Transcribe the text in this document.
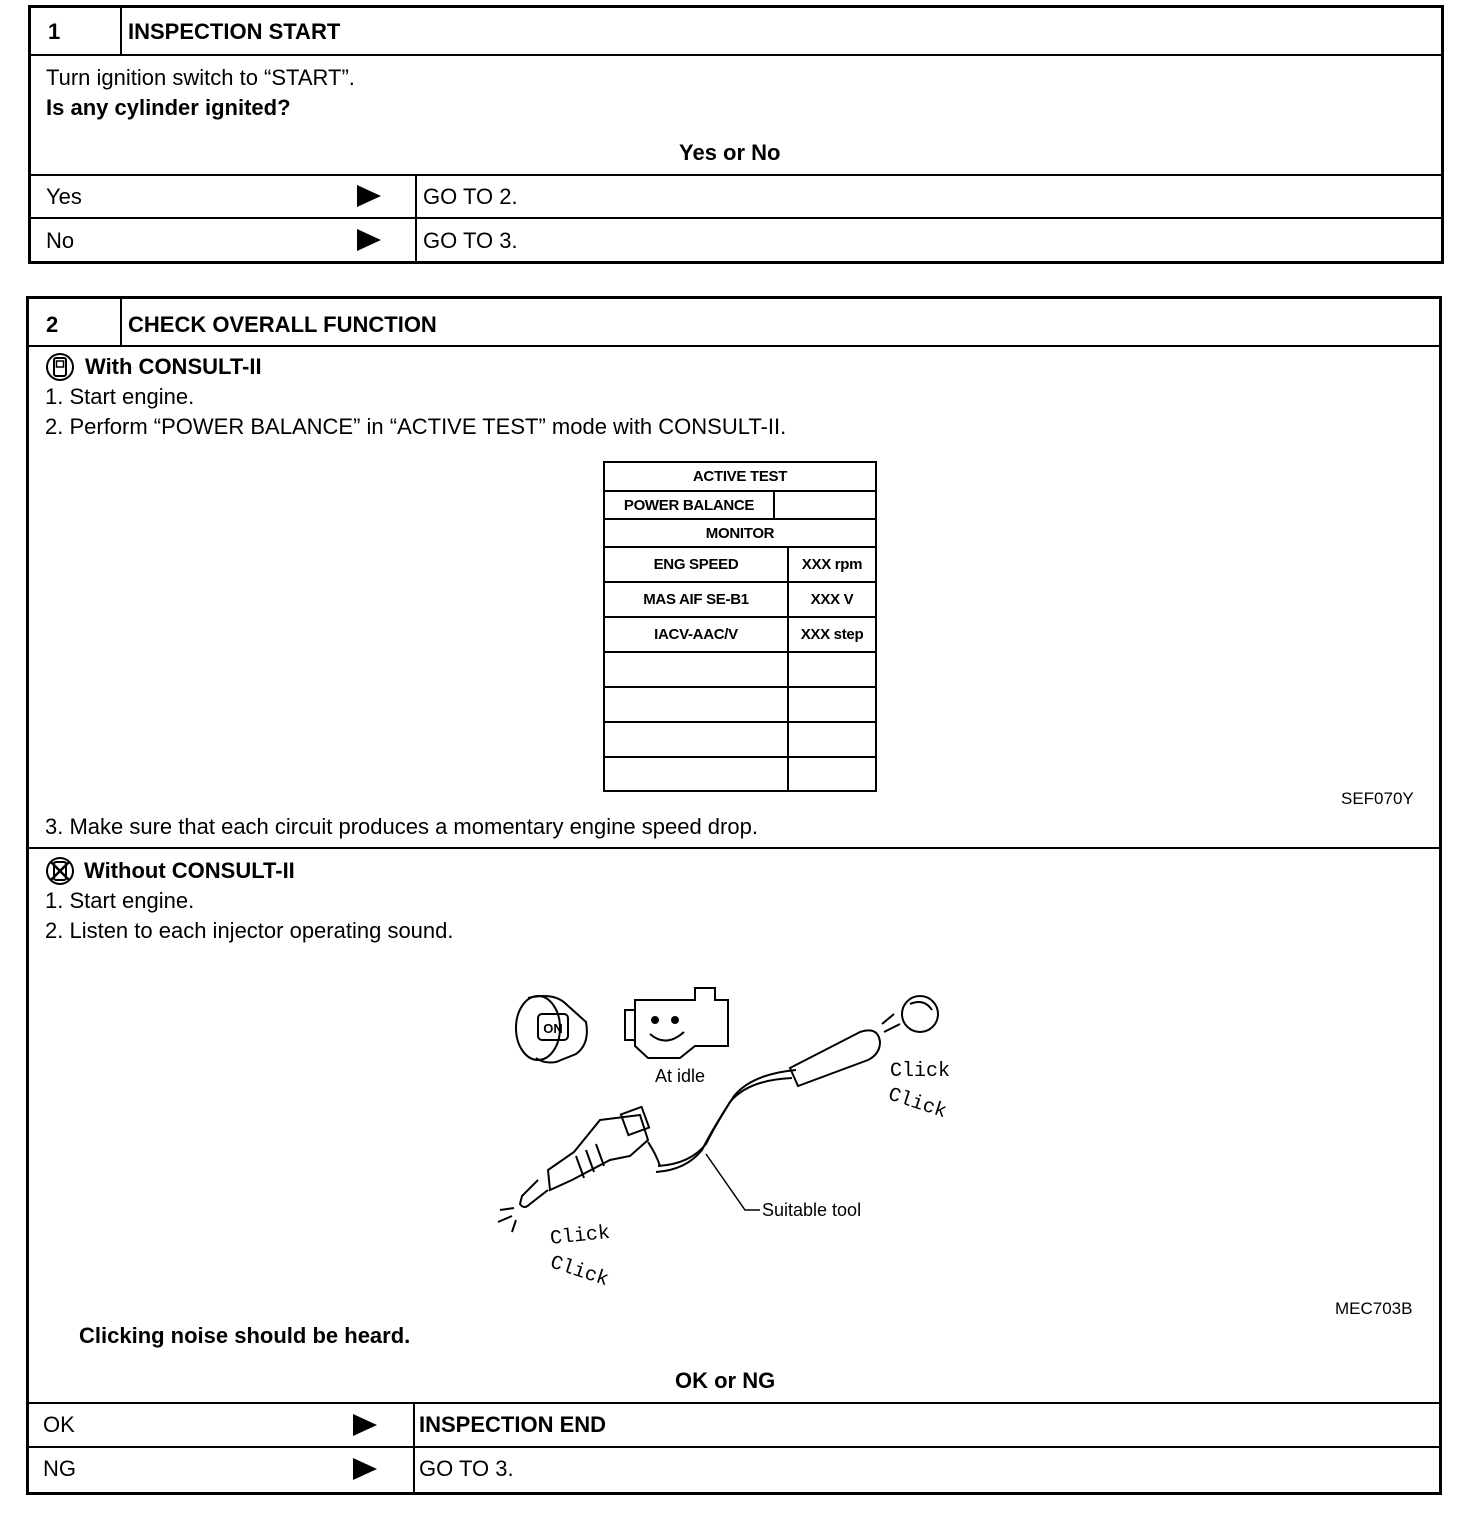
1	INSPECTION START
Turn ignition switch to “START”.
Is any cylinder ignited?
Yes or No
Yes	GO TO 2.
No	GO TO 3.
2	CHECK OVERALL FUNCTION
With CONSULT-II
1. Start engine.
2. Perform “POWER BALANCE” in “ACTIVE TEST” mode with CONSULT-II.
ACTIVE TEST
POWER BALANCE
MONITOR
ENG SPEED	XXX rpm
MAS AIF SE-B1	XXX V
IACV-AAC/V	XXX step
SEF070Y
3. Make sure that each circuit produces a momentary engine speed drop.
Without CONSULT-II
1. Start engine.
2. Listen to each injector operating sound.
ON
At idle
Suitable tool
Click
Click
Click
Click
MEC703B
Clicking noise should be heard.
OK or NG
OK	INSPECTION END
NG	GO TO 3.
